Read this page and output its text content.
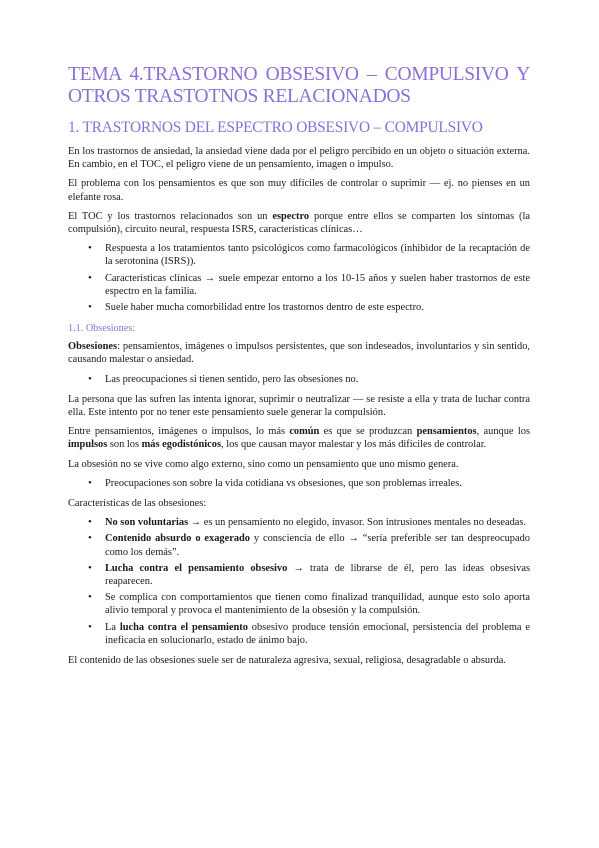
TEMA 4.TRASTORNO OBSESIVO – COMPULSIVO Y OTROS TRASTOTNOS RELACIONADOS
1. TRASTORNOS DEL ESPECTRO OBSESIVO – COMPULSIVO

En los trastornos de ansiedad, la ansiedad viene dada por el peligro percibido en un objeto o situación externa. En cambio, en el TOC, el peligro viene de un pensamiento, imagen o impulso.

El problema con los pensamientos es que son muy difíciles de controlar o suprimir — ej. no pienses en un elefante rosa.

El TOC y los trastornos relacionados son un espectro porque entre ellos se comparten los síntomas (la compulsión), circuito neural, respuesta ISRS, características clínicas…

• Respuesta a los tratamientos tanto psicológicos como farmacológicos (inhibidor de la recaptación de la serotonina (ISRS)).
• Características clínicas → suele empezar entorno a los 10-15 años y suelen haber trastornos de este espectro en la familia.
• Suele haber mucha comorbilidad entre los trastornos dentro de este espectro.
1.1. Obsesiones:

Obsesiones: pensamientos, imágenes o impulsos persistentes, que son indeseados, involuntarios y sin sentido, causando malestar o ansiedad.

• Las preocupaciones si tienen sentido, pero las obsesiones no.

La persona que las sufren las intenta ignorar, suprimir o neutralizar — se resiste a ella y trata de luchar contra ella. Este intento por no tener este pensamiento suele generar la compulsión.

Entre pensamientos, imágenes o impulsos, lo más común es que se produzcan pensamientos, aunque los impulsos son los más egodistónicos, los que causan mayor malestar y los más difíciles de controlar.

La obsesión no se vive como algo externo, sino como un pensamiento que uno mismo genera.

• Preocupaciones son sobre la vida cotidiana vs obsesiones, que son problemas irreales.

Características de las obsesiones:

• No son voluntarias → es un pensamiento no elegido, invasor. Son intrusiones mentales no deseadas.
• Contenido absurdo o exagerado y consciencia de ello → “sería preferible ser tan despreocupado como los demás”.
• Lucha contra el pensamiento obsesivo → trata de librarse de él, pero las ideas obsesivas reaparecen.
• Se complica con comportamientos que tienen como finalizad tranquilidad, aunque esto solo aporta alivio temporal y provoca el mantenimiento de la obsesión y la compulsión.
• La lucha contra el pensamiento obsesivo produce tensión emocional, persistencia del problema e ineficacia en solucionarlo, estado de ánimo bajo.

El contenido de las obsesiones suele ser de naturaleza agresiva, sexual, religiosa, desagradable o absurda.
